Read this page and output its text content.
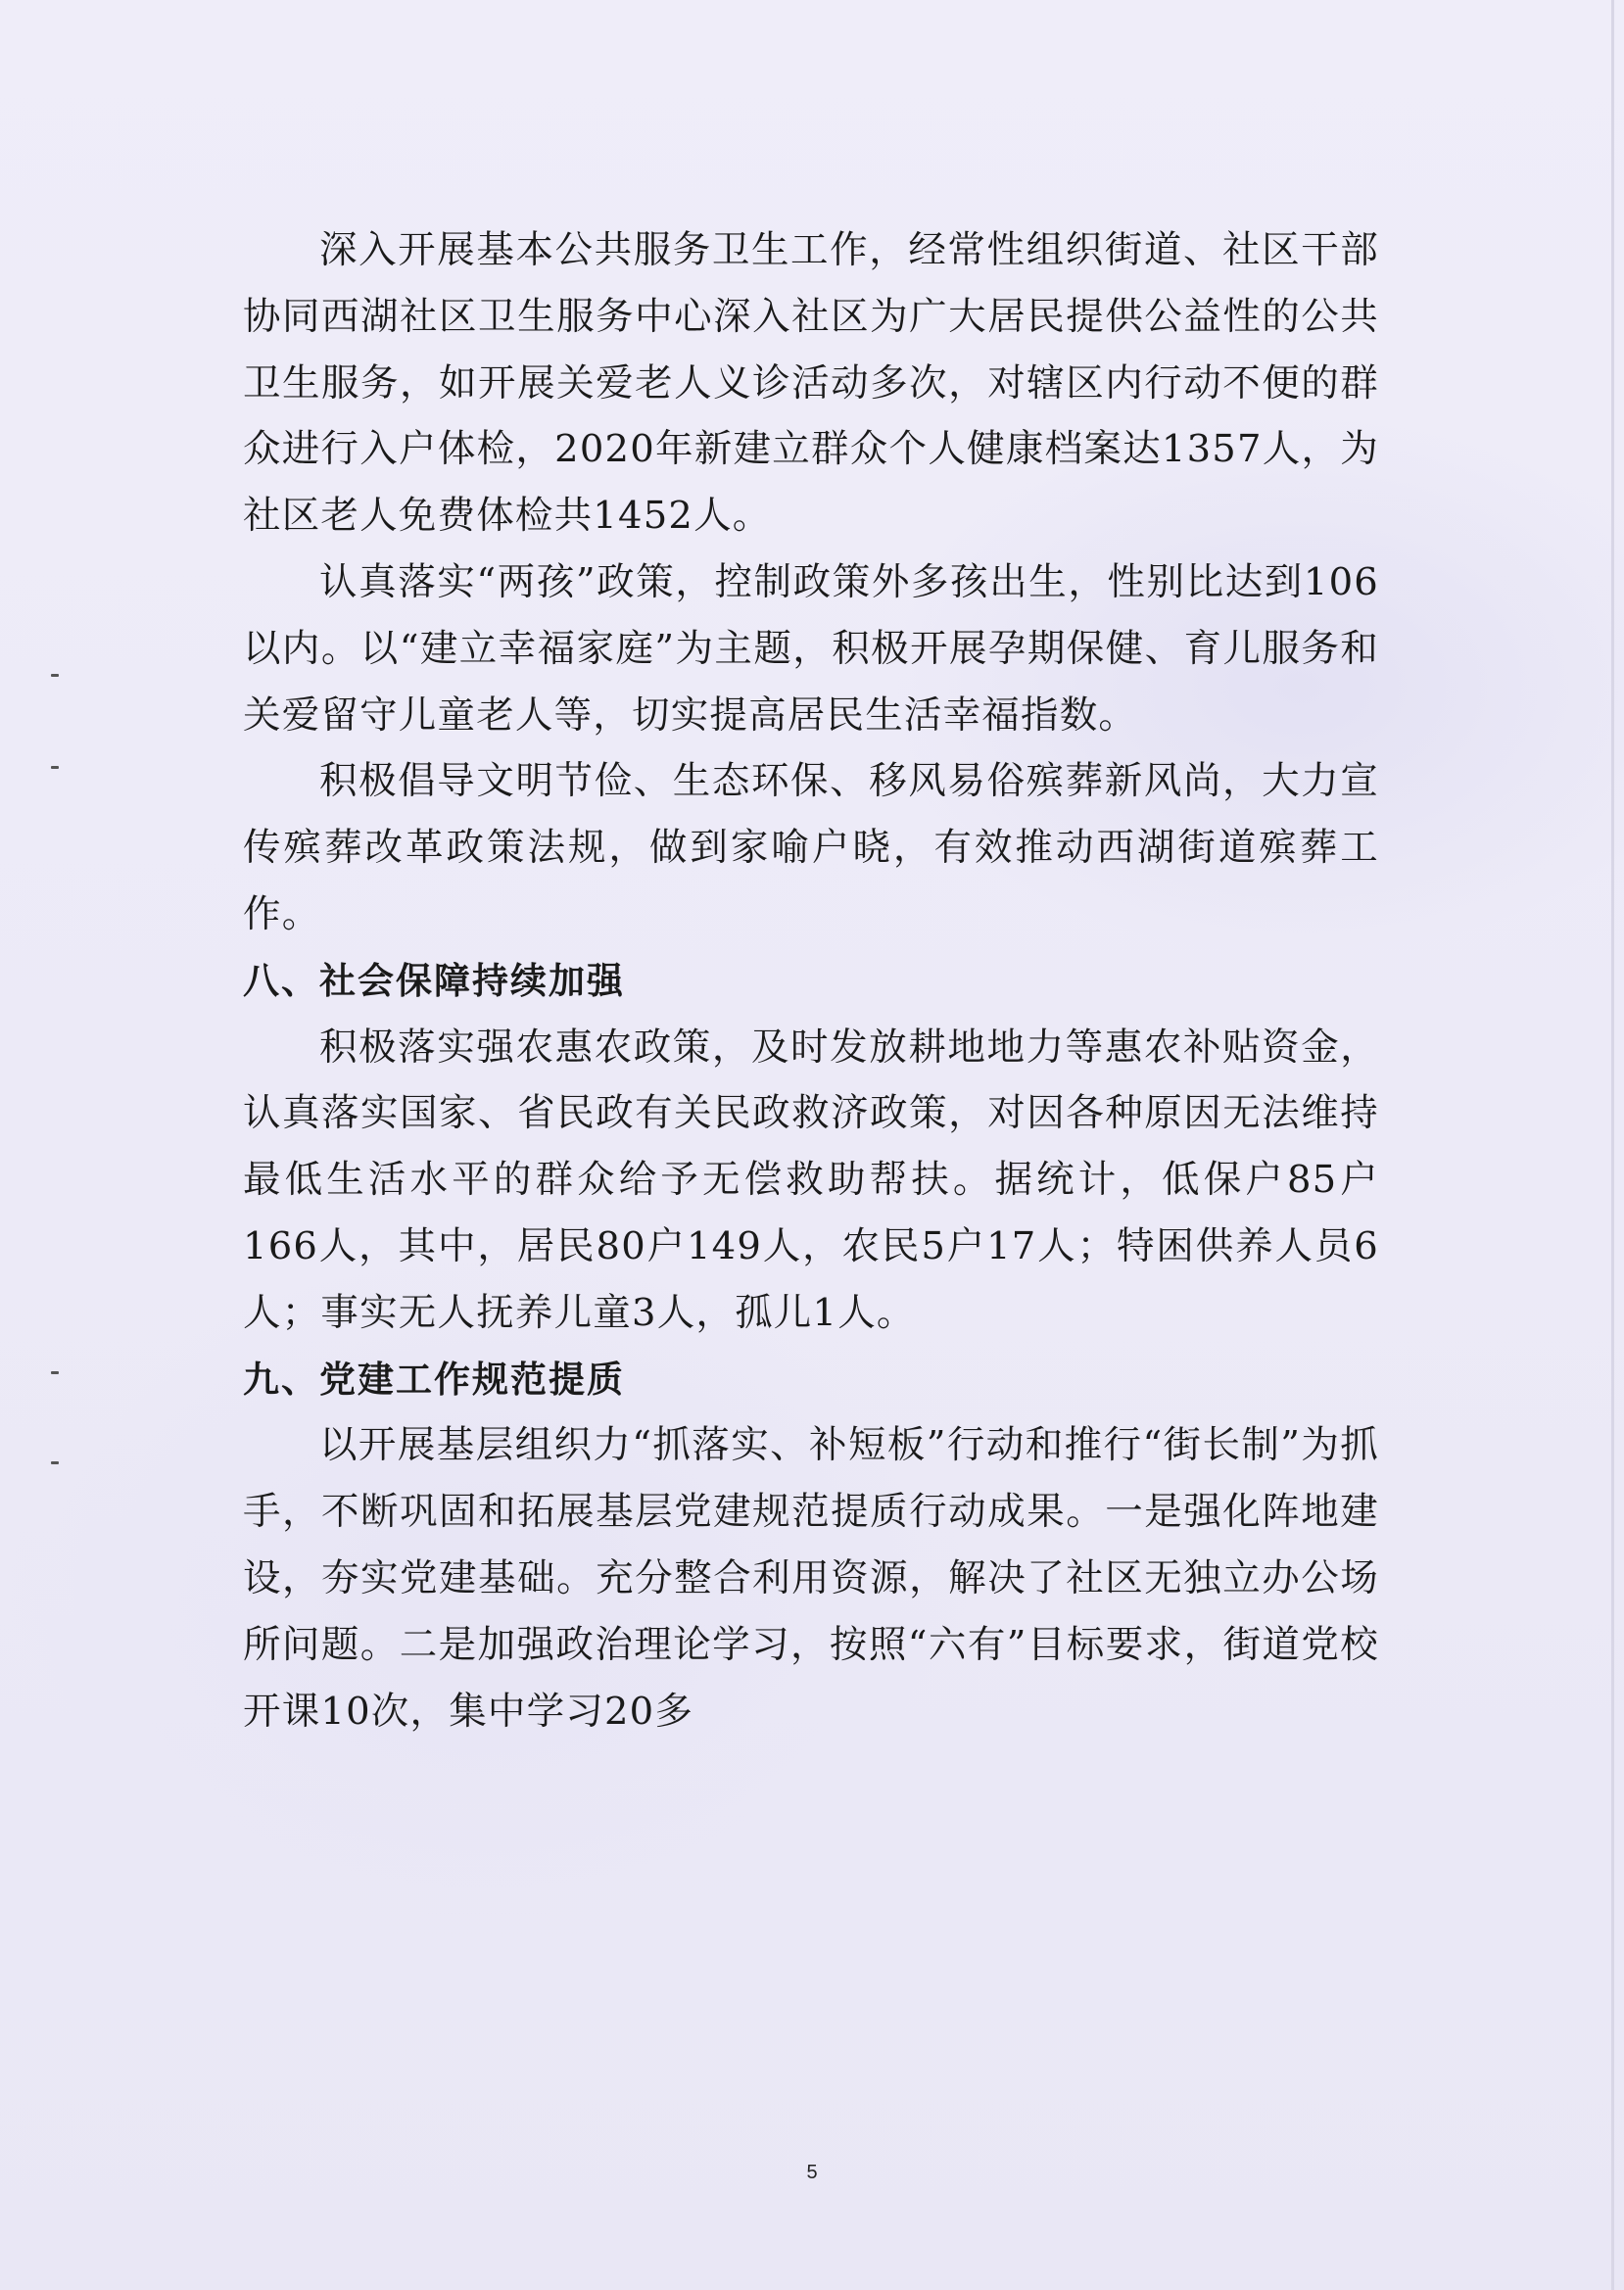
深入开展基本公共服务卫生工作，经常性组织街道、社区干部协同西湖社区卫生服务中心深入社区为广大居民提供公益性的公共卫生服务，如开展关爱老人义诊活动多次，对辖区内行动不便的群众进行入户体检，2020年新建立群众个人健康档案达1357人，为社区老人免费体检共1452人。

认真落实“两孩”政策，控制政策外多孩出生，性别比达到106以内。以“建立幸福家庭”为主题，积极开展孕期保健、育儿服务和关爱留守儿童老人等，切实提高居民生活幸福指数。

积极倡导文明节俭、生态环保、移风易俗殡葬新风尚，大力宣传殡葬改革政策法规，做到家喻户晓，有效推动西湖街道殡葬工作。

八、社会保障持续加强

积极落实强农惠农政策，及时发放耕地地力等惠农补贴资金，认真落实国家、省民政有关民政救济政策，对因各种原因无法维持最低生活水平的群众给予无偿救助帮扶。据统计，低保户85户166人，其中，居民80户149人，农民5户17人；特困供养人员6人；事实无人抚养儿童3人，孤儿1人。

九、党建工作规范提质

以开展基层组织力“抓落实、补短板”行动和推行“街长制”为抓手，不断巩固和拓展基层党建规范提质行动成果。一是强化阵地建设，夯实党建基础。充分整合利用资源，解决了社区无独立办公场所问题。二是加强政治理论学习，按照“六有”目标要求，街道党校开课10次，集中学习20多

5
